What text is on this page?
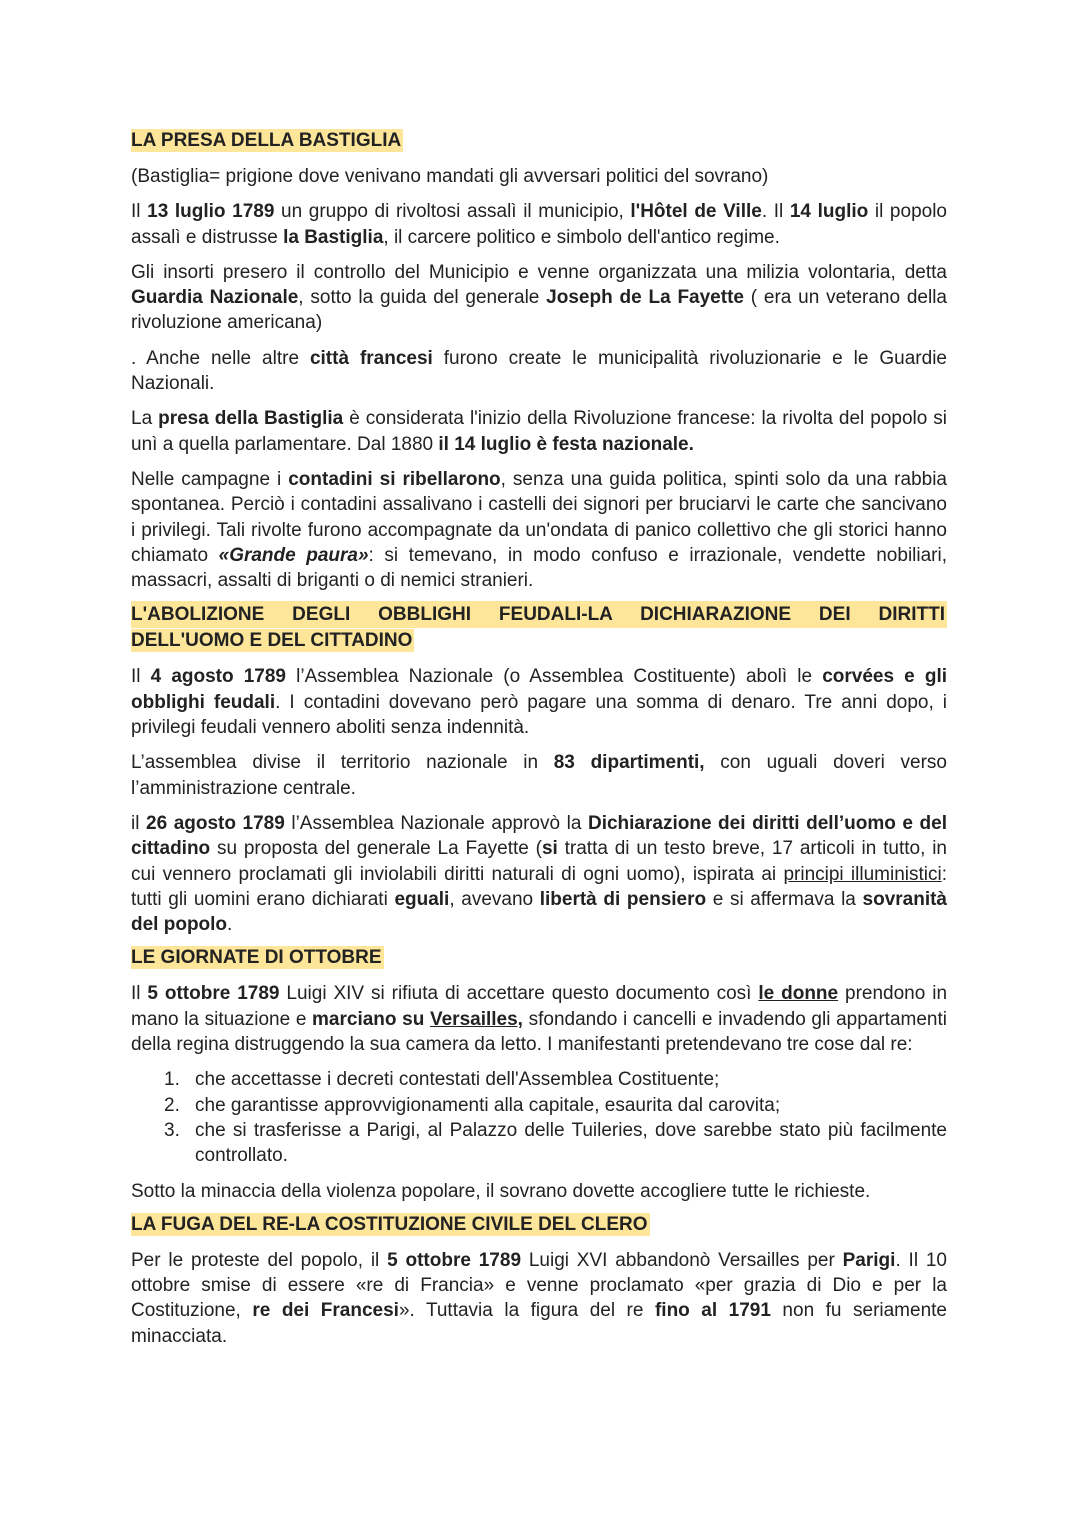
LA PRESA DELLA BASTIGLIA

(Bastiglia= prigione dove venivano mandati gli avversari politici del sovrano)

Il 13 luglio 1789 un gruppo di rivoltosi assalì il municipio, l'Hôtel de Ville. Il 14 luglio il popolo assalì e distrusse la Bastiglia, il carcere politico e simbolo dell'antico regime.

Gli insorti presero il controllo del Municipio e venne organizzata una milizia volontaria, detta Guardia Nazionale, sotto la guida del generale Joseph de La Fayette ( era un veterano della rivoluzione americana)

. Anche nelle altre città francesi furono create le municipalità rivoluzionarie e le Guardie Nazionali.

La presa della Bastiglia è considerata l'inizio della Rivoluzione francese: la rivolta del popolo si unì a quella parlamentare. Dal 1880 il 14 luglio è festa nazionale.

Nelle campagne i contadini si ribellarono, senza una guida politica, spinti solo da una rabbia spontanea. Perciò i contadini assalivano i castelli dei signori per bruciarvi le carte che sancivano i privilegi. Tali rivolte furono accompagnate da un'ondata di panico collettivo che gli storici hanno chiamato «Grande paura»: si temevano, in modo confuso e irrazionale, vendette nobiliari, massacri, assalti di briganti o di nemici stranieri.

L'ABOLIZIONE DEGLI OBBLIGHI FEUDALI-LA DICHIARAZIONE DEI DIRITTI
DELL'UOMO E DEL CITTADINO

Il 4 agosto 1789 l’Assemblea Nazionale (o Assemblea Costituente) abolì le corvées e gli obblighi feudali. I contadini dovevano però pagare una somma di denaro. Tre anni dopo, i privilegi feudali vennero aboliti senza indennità.

L’assemblea divise il territorio nazionale in 83 dipartimenti, con uguali doveri verso l’amministrazione centrale.

il 26 agosto 1789 l’Assemblea Nazionale approvò la Dichiarazione dei diritti dell’uomo e del cittadino su proposta del generale La Fayette (si tratta di un testo breve, 17 articoli in tutto, in cui vennero proclamati gli inviolabili diritti naturali di ogni uomo), ispirata ai principi illuministici: tutti gli uomini erano dichiarati eguali, avevano libertà di pensiero e si affermava la sovranità del popolo.

LE GIORNATE DI OTTOBRE

Il 5 ottobre 1789 Luigi XIV si rifiuta di accettare questo documento così le donne prendono in mano la situazione e marciano su Versailles, sfondando i cancelli e invadendo gli appartamenti della regina distruggendo la sua camera da letto. I manifestanti pretendevano tre cose dal re:

1. che accettasse i decreti contestati dell'Assemblea Costituente;
2. che garantisse approvvigionamenti alla capitale, esaurita dal carovita;
3. che si trasferisse a Parigi, al Palazzo delle Tuileries, dove sarebbe stato più facilmente controllato.

Sotto la minaccia della violenza popolare, il sovrano dovette accogliere tutte le richieste.

LA FUGA DEL RE-LA COSTITUZIONE CIVILE DEL CLERO

Per le proteste del popolo, il 5 ottobre 1789 Luigi XVI abbandonò Versailles per Parigi. Il 10 ottobre smise di essere «re di Francia» e venne proclamato «per grazia di Dio e per la Costituzione, re dei Francesi». Tuttavia la figura del re fino al 1791 non fu seriamente minacciata.
